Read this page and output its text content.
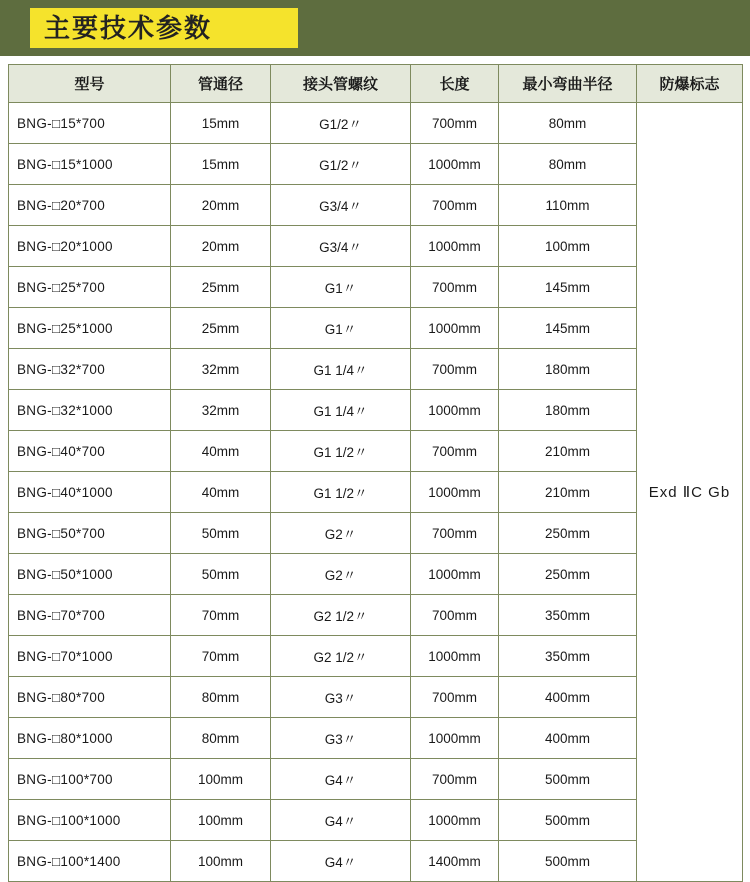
主要技术参数
型号	管通径	接头管螺纹	长度	最小弯曲半径	防爆标志
BNG-□15*700	15mm	G1/2〃	700mm	80mm	Exd ⅡC Gb
BNG-□15*1000	15mm	G1/2〃	1000mm	80mm	
BNG-□20*700	20mm	G3/4〃	700mm	110mm	
BNG-□20*1000	20mm	G3/4〃	1000mm	100mm	
BNG-□25*700	25mm	G1〃	700mm	145mm	
BNG-□25*1000	25mm	G1〃	1000mm	145mm	
BNG-□32*700	32mm	G1 1/4〃	700mm	180mm	
BNG-□32*1000	32mm	G1 1/4〃	1000mm	180mm	
BNG-□40*700	40mm	G1 1/2〃	700mm	210mm	
BNG-□40*1000	40mm	G1 1/2〃	1000mm	210mm	
BNG-□50*700	50mm	G2〃	700mm	250mm	
BNG-□50*1000	50mm	G2〃	1000mm	250mm	
BNG-□70*700	70mm	G2 1/2〃	700mm	350mm	
BNG-□70*1000	70mm	G2 1/2〃	1000mm	350mm	
BNG-□80*700	80mm	G3〃	700mm	400mm	
BNG-□80*1000	80mm	G3〃	1000mm	400mm	
BNG-□100*700	100mm	G4〃	700mm	500mm	
BNG-□100*1000	100mm	G4〃	1000mm	500mm	
BNG-□100*1400	100mm	G4〃	1400mm	500mm	
